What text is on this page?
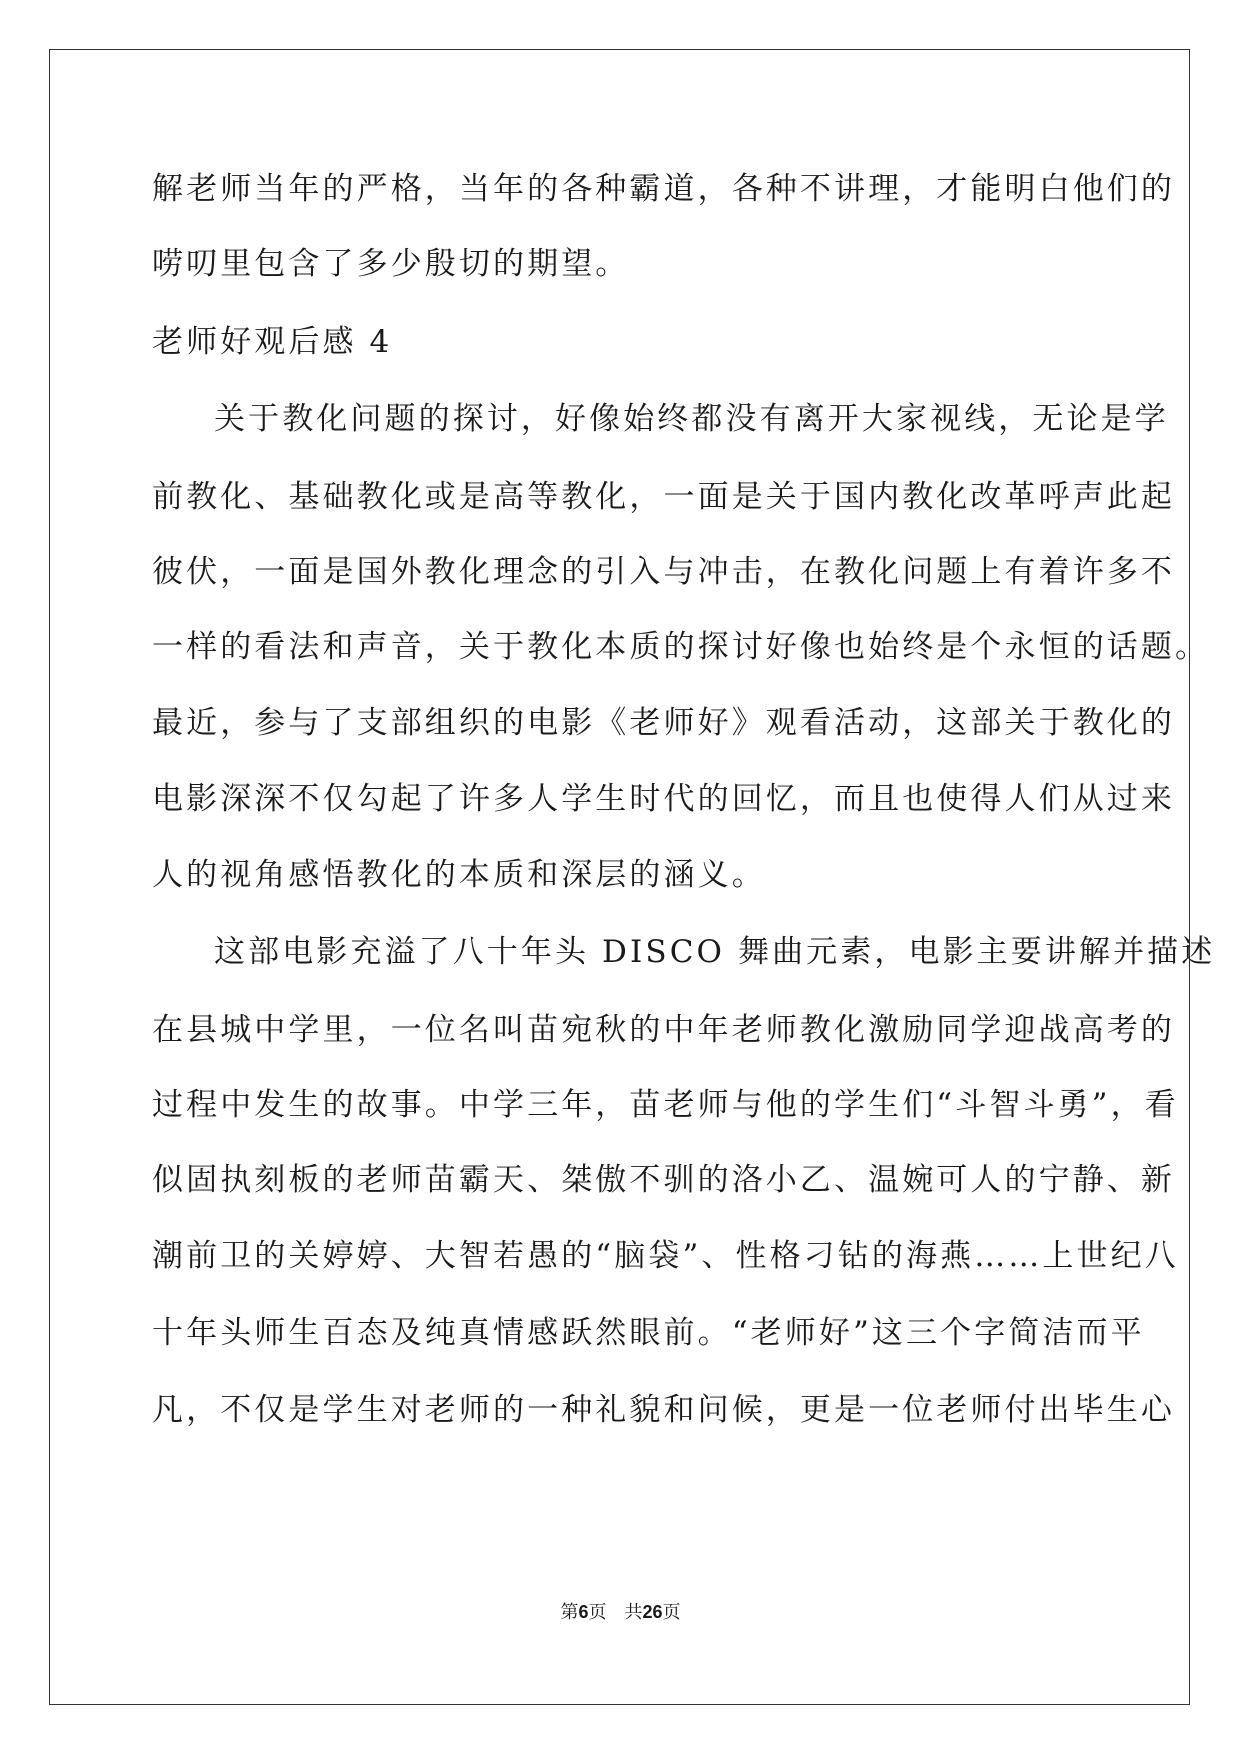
解老师当年的严格，当年的各种霸道，各种不讲理，才能明白他们的

唠叨里包含了多少殷切的期望。

老师好观后感 4

关于教化问题的探讨，好像始终都没有离开大家视线，无论是学

前教化、基础教化或是高等教化，一面是关于国内教化改革呼声此起

彼伏，一面是国外教化理念的引入与冲击，在教化问题上有着许多不

一样的看法和声音，关于教化本质的探讨好像也始终是个永恒的话题。

最近，参与了支部组织的电影《老师好》观看活动，这部关于教化的

电影深深不仅勾起了许多人学生时代的回忆，而且也使得人们从过来

人的视角感悟教化的本质和深层的涵义。

这部电影充溢了八十年头 DISCO 舞曲元素，电影主要讲解并描述

在县城中学里，一位名叫苗宛秋的中年老师教化激励同学迎战高考的

过程中发生的故事。中学三年，苗老师与他的学生们“斗智斗勇”，看

似固执刻板的老师苗霸天、桀傲不驯的洛小乙、温婉可人的宁静、新

潮前卫的关婷婷、大智若愚的“脑袋”、性格刁钻的海燕……上世纪八

十年头师生百态及纯真情感跃然眼前。“老师好”这三个字简洁而平

凡，不仅是学生对老师的一种礼貌和问候，更是一位老师付出毕生心

第6页 共26页
